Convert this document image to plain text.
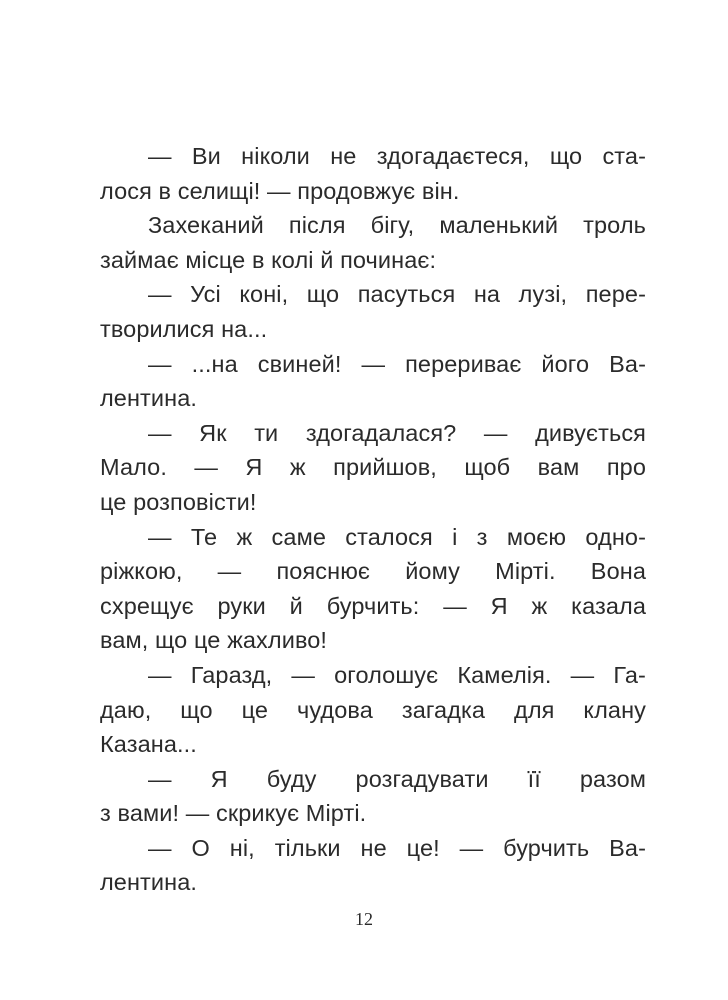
— Ви ніколи не здогадаєтеся, що ста-
лося в селищі! — продовжує він.
Захеканий після бігу, маленький троль
займає місце в колі й починає:
— Усі коні, що пасуться на лузі, пере-
творилися на...
— ...на свиней! — перериває його Ва-
лентина.
— Як ти здогадалася? — дивується
Мало. — Я ж прийшов, щоб вам про
це розповісти!
— Те ж саме сталося і з моєю одно-
ріжкою, — пояснює йому Мірті. Вона
схрещує руки й бурчить: — Я ж казала
вам, що це жахливо!
— Гаразд, — оголошує Камелія. — Га-
даю, що це чудова загадка для клану
Казана...
— Я буду розгадувати її разом
з вами! — скрикує Мірті.
— О ні, тільки не це! — бурчить Ва-
лентина.
12
